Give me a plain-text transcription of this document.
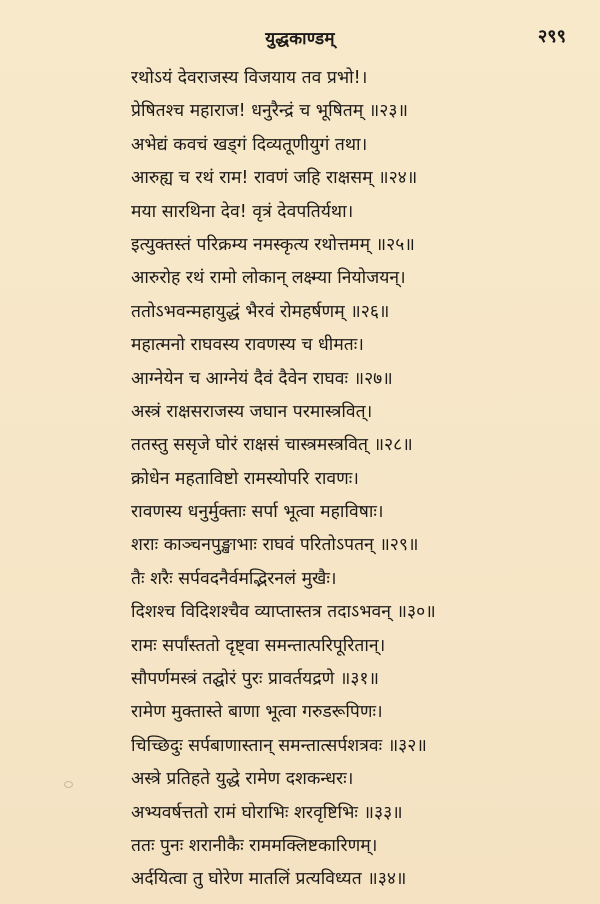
युद्धकाण्डम्	२९९
रथोऽयं देवराजस्य विजयाय तव प्रभो!।
प्रेषितश्च महाराज! धनुरैन्द्रं च भूषितम् ॥२३॥
अभेद्यं कवचं खड्गं दिव्यतूणीयुगं तथा।
आरुह्य च रथं राम! रावणं जहि राक्षसम् ॥२४॥
मया सारथिना देव! वृत्रं देवपतिर्यथा।
इत्युक्तस्तं परिक्रम्य नमस्कृत्य रथोत्तमम् ॥२५॥
आरुरोह रथं रामो लोकान् लक्ष्म्या नियोजयन्।
ततोऽभवन्महायुद्धं भैरवं रोमहर्षणम् ॥२६॥
महात्मनो राघवस्य रावणस्य च धीमतः।
आग्नेयेन च आग्नेयं दैवं दैवेन राघवः ॥२७॥
अस्त्रं राक्षसराजस्य जघान परमास्त्रवित्।
ततस्तु ससृजे घोरं राक्षसं चास्त्रमस्त्रवित् ॥२८॥
क्रोधेन महताविष्टो रामस्योपरि रावणः।
रावणस्य धनुर्मुक्ताः सर्पा भूत्वा महाविषाः।
शराः काञ्चनपुङ्खाभाः राघवं परितोऽपतन् ॥२९॥
तैः शरैः सर्पवदनैर्वमद्भिरनलं मुखैः।
दिशश्च विदिशश्चैव व्याप्तास्तत्र तदाऽभवन् ॥३०॥
रामः सर्पांस्ततो दृष्ट्वा समन्तात्परिपूरितान्।
सौपर्णमस्त्रं तद्घोरं पुरः प्रावर्तयद्रणे ॥३१॥
रामेण मुक्तास्ते बाणा भूत्वा गरुडरूपिणः।
चिच्छिदुः सर्पबाणास्तान् समन्तात्सर्पशत्रवः ॥३२॥
अस्त्रे प्रतिहते युद्धे रामेण दशकन्धरः।
अभ्यवर्षत्ततो रामं घोराभिः शरवृष्टिभिः ॥३३॥
ततः पुनः शरानीकैः राममक्लिष्टकारिणम्।
अर्दयित्वा तु घोरेण मातलिं प्रत्यविध्यत ॥३४॥
